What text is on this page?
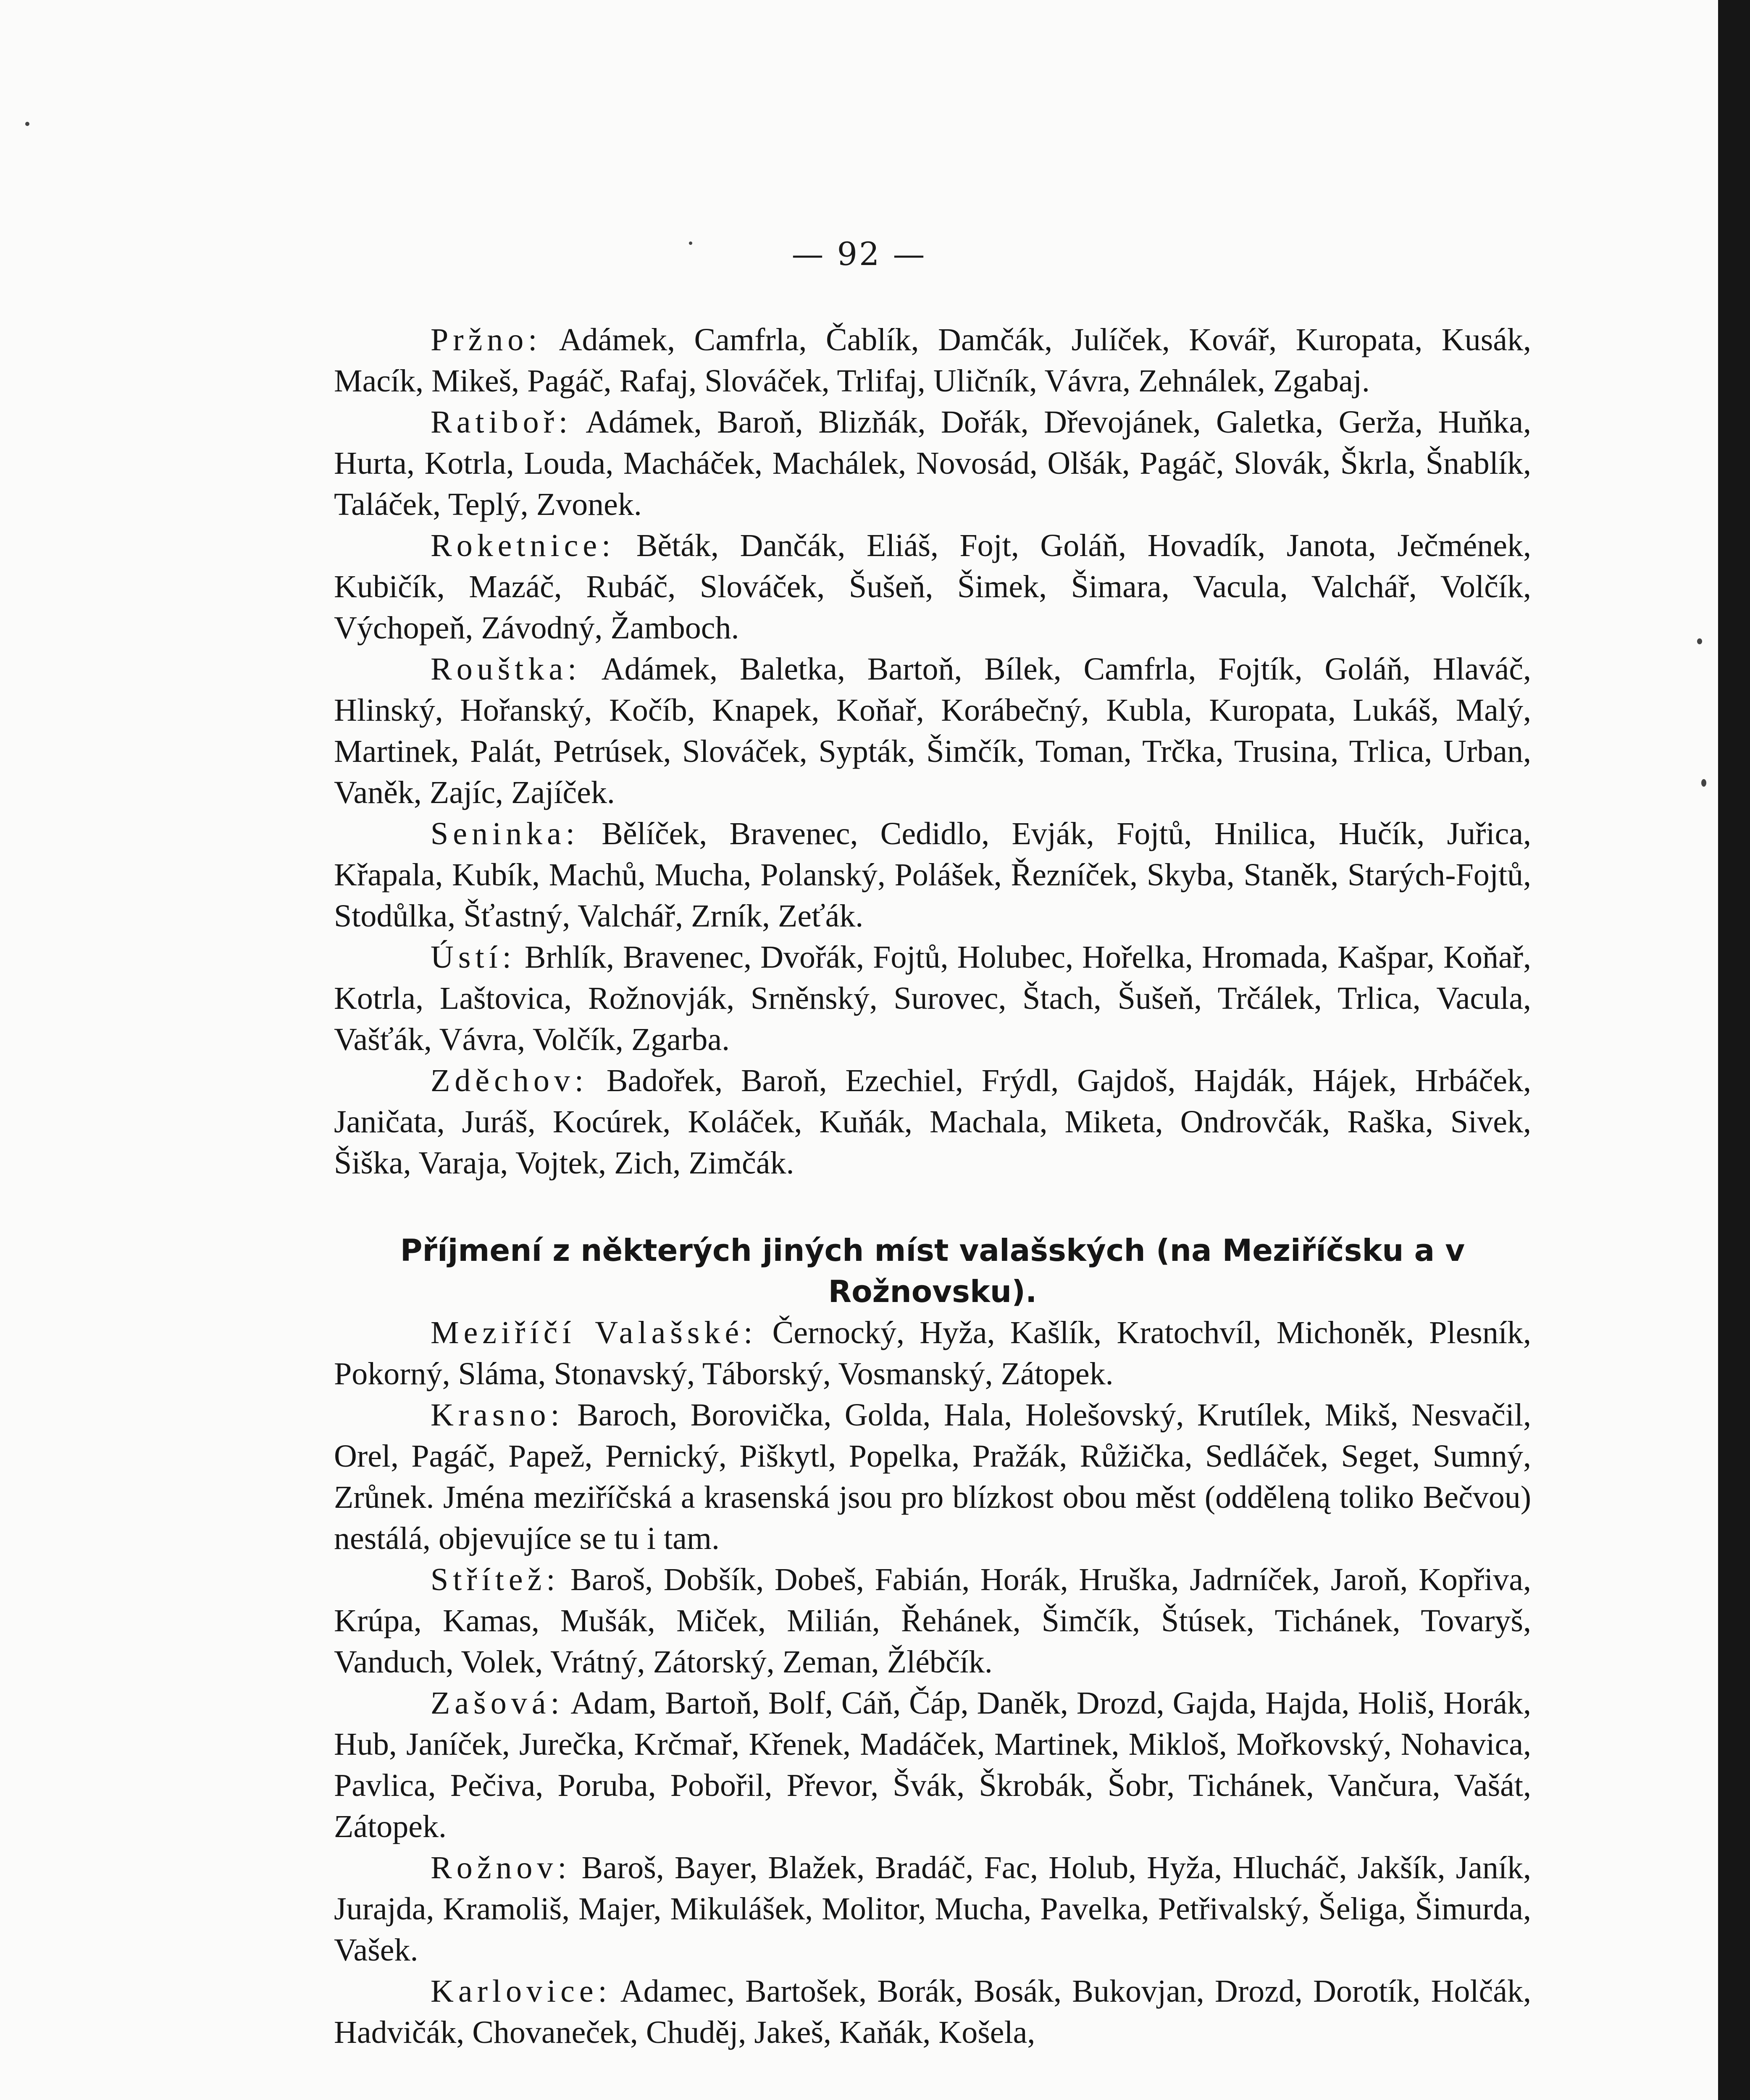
— 92 —

Pržno: Adámek, Camfrla, Čablík, Damčák, Julíček, Kovář, Kuropata, Kusák, Macík, Mikeš, Pagáč, Rafaj, Slováček, Trlifaj, Uličník, Vávra, Zehnálek, Zgabaj.

Ratiboř: Adámek, Baroň, Blizňák, Dořák, Dřevojánek, Galetka, Gerža, Huňka, Hurta, Kotrla, Louda, Macháček, Machálek, Novosád, Olšák, Pagáč, Slovák, Škrla, Šnablík, Taláček, Teplý, Zvonek.

Roketnice: Běták, Dančák, Eliáš, Fojt, Goláň, Hovadík, Janota, Ječmének, Kubičík, Mazáč, Rubáč, Slováček, Šušeň, Šimek, Šimara, Vacula, Valchář, Volčík, Výchopeň, Závodný, Žamboch.

Rouštka: Adámek, Baletka, Bartoň, Bílek, Camfrla, Fojtík, Goláň, Hlaváč, Hlinský, Hořanský, Kočíb, Knapek, Koňař, Korábečný, Kubla, Kuropata, Lukáš, Malý, Martinek, Palát, Petrúsek, Slováček, Sypták, Šimčík, Toman, Trčka, Trusina, Trlica, Urban, Vaněk, Zajíc, Zajíček.

Seninka: Bělíček, Bravenec, Cedidlo, Evják, Fojtů, Hnilica, Hučík, Juřica, Křapala, Kubík, Machů, Mucha, Polanský, Polášek, Řezníček, Skyba, Staněk, Starých-Fojtů, Stodůlka, Šťastný, Valchář, Zrník, Zeťák.

Ústí: Brhlík, Bravenec, Dvořák, Fojtů, Holubec, Hořelka, Hromada, Kašpar, Koňař, Kotrla, Laštovica, Rožnovják, Srněnský, Surovec, Štach, Šušeň, Trčálek, Trlica, Vacula, Vašťák, Vávra, Volčík, Zgarba.

Zděchov: Badořek, Baroň, Ezechiel, Frýdl, Gajdoš, Hajdák, Hájek, Hrbáček, Janičata, Juráš, Kocúrek, Koláček, Kuňák, Machala, Miketa, Ondrovčák, Raška, Sivek, Šiška, Varaja, Vojtek, Zich, Zimčák.

Příjmení z některých jiných míst valašských (na Meziříčsku a v Rožnovsku).

Meziříčí Valašské: Černocký, Hyža, Kašlík, Kratochvíl, Michoněk, Plesník, Pokorný, Sláma, Stonavský, Táborský, Vosmanský, Zátopek.

Krasno: Baroch, Borovička, Golda, Hala, Holešovský, Krutílek, Mikš, Nesvačil, Orel, Pagáč, Papež, Pernický, Piškytl, Popelka, Pražák, Růžička, Sedláček, Seget, Sumný, Zrůnek. Jména meziříčská a krasenská jsou pro blízkost obou měst (odděleną toliko Bečvou) nestálá, objevujíce se tu i tam.

Střítež: Baroš, Dobšík, Dobeš, Fabián, Horák, Hruška, Jadrníček, Jaroň, Kopřiva, Krúpa, Kamas, Mušák, Miček, Milián, Řehánek, Šimčík, Štúsek, Tichánek, Tovaryš, Vanduch, Volek, Vrátný, Zátorský, Zeman, Žlébčík.

Zašová: Adam, Bartoň, Bolf, Cáň, Čáp, Daněk, Drozd, Gajda, Hajda, Holiš, Horák, Hub, Janíček, Jurečka, Krčmař, Křenek, Madáček, Martinek, Mikloš, Mořkovský, Nohavica, Pavlica, Pečiva, Poruba, Pobořil, Převor, Švák, Škrobák, Šobr, Tichánek, Vančura, Vašát, Zátopek.

Rožnov: Baroš, Bayer, Blažek, Bradáč, Fac, Holub, Hyža, Hlucháč, Jakšík, Janík, Jurajda, Kramoliš, Majer, Mikulášek, Molitor, Mucha, Pavelka, Petřivalský, Šeliga, Šimurda, Vašek.

Karlovice: Adamec, Bartošek, Borák, Bosák, Bukovjan, Drozd, Dorotík, Holčák, Hadvičák, Chovaneček, Chuděj, Jakeš, Kaňák, Košela,
